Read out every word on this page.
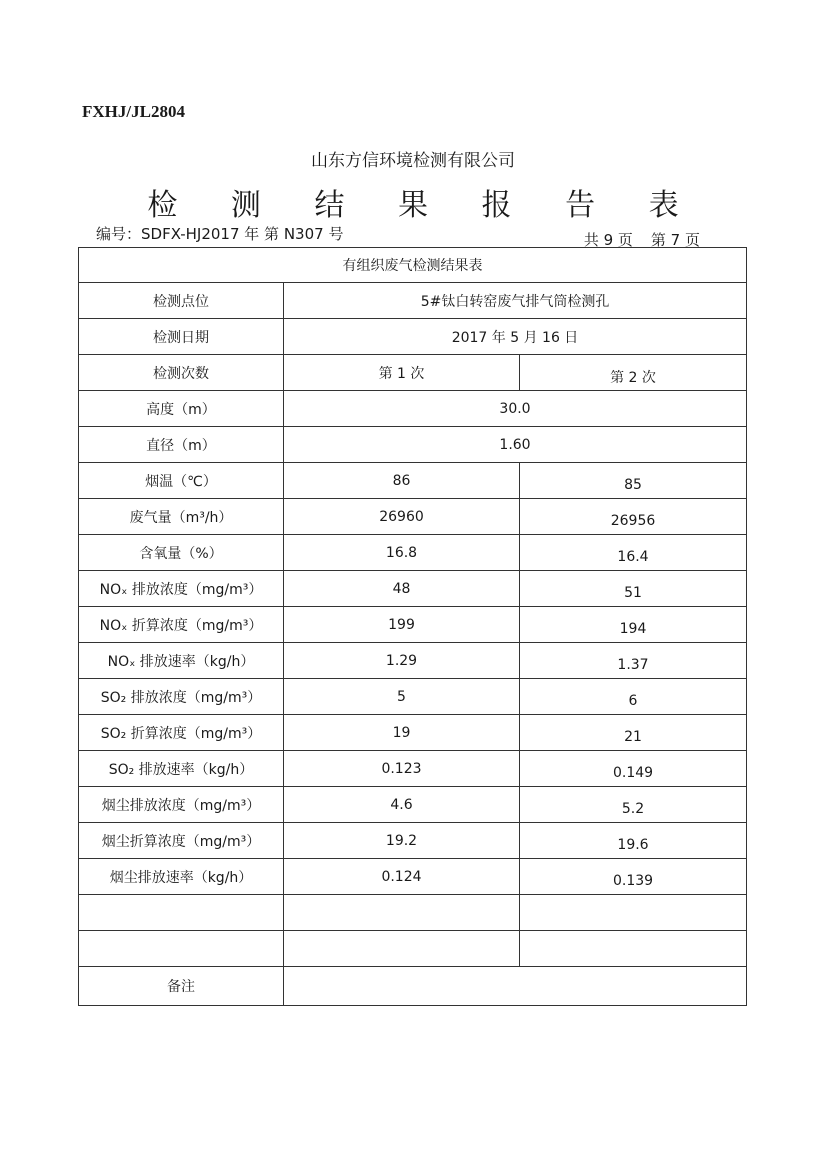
FXHJ/JL2804
山东方信环境检测有限公司
检 测 结 果 报 告 表
编号：SDFX-HJ2017 年 第 N307 号	共 9 页 第 7 页
有组织废气检测结果表		
检测点位	5#钛白转窑废气排气筒检测孔	
检测日期	2017 年 5 月 16 日	
检测次数	第 1 次	第 2 次
高度（m）	30.0	
直径（m）	1.60	
烟温（℃）	86	85
废气量（m³/h）	26960	26956
含氧量（%）	16.8	16.4
NOₓ 排放浓度（mg/m³）	48	51
NOₓ 折算浓度（mg/m³）	199	194
NOₓ 排放速率（kg/h）	1.29	1.37
SO₂ 排放浓度（mg/m³）	5	6
SO₂ 折算浓度（mg/m³）	19	21
SO₂ 排放速率（kg/h）	0.123	0.149
烟尘排放浓度（mg/m³）	4.6	5.2
烟尘折算浓度（mg/m³）	19.2	19.6
烟尘排放速率（kg/h）	0.124	0.139

备注		
